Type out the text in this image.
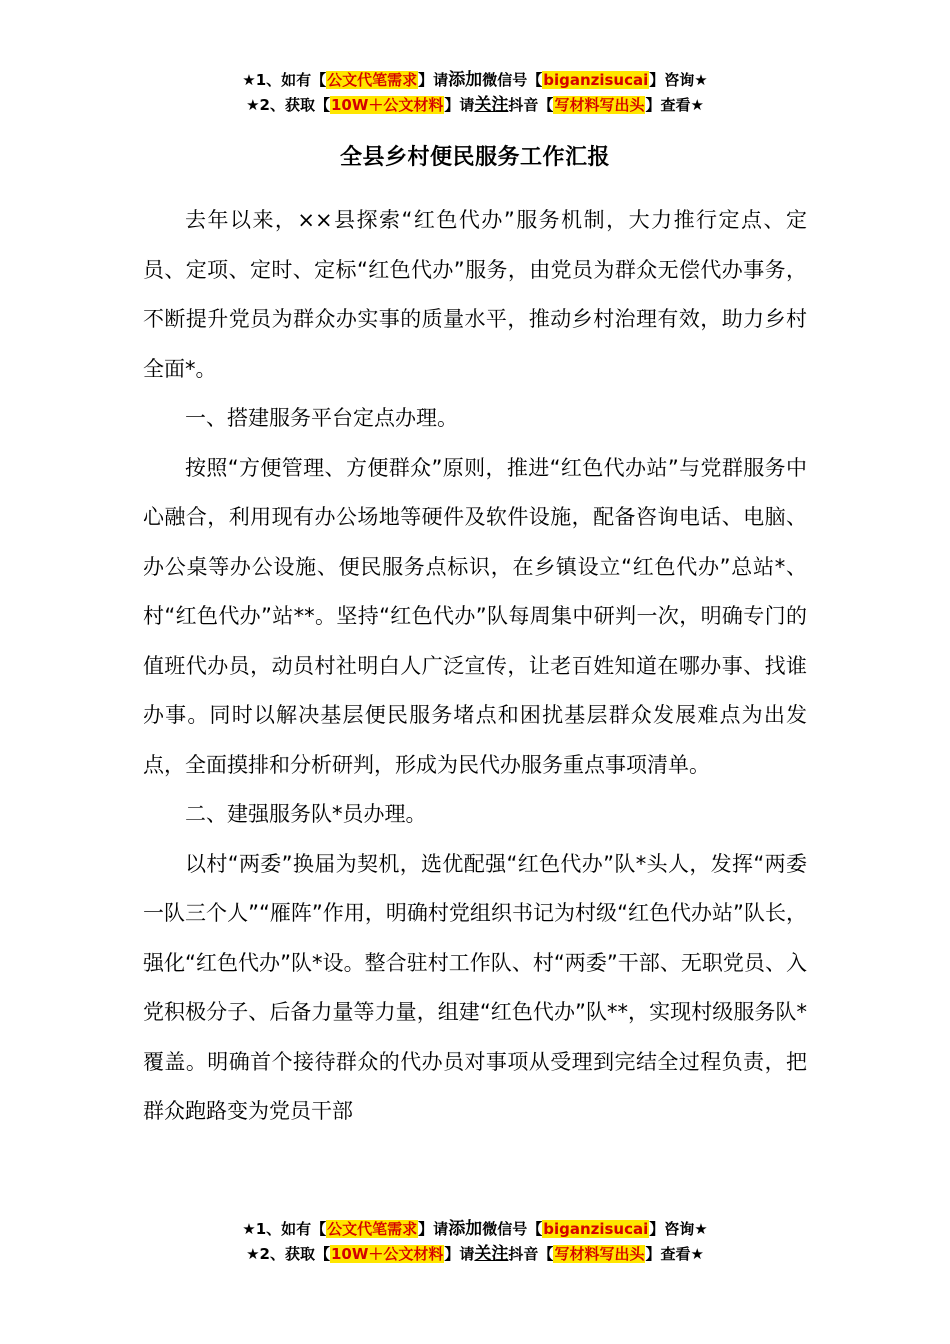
★1、如有【公文代笔需求】请添加微信号【biganzisucai】咨询★
★2、获取【10W＋公文材料】请关注抖音【写材料写出头】查看★
全县乡村便民服务工作汇报

去年以来，××县探索“红色代办”服务机制，大力推行定点、定员、定项、定时、定标“红色代办”服务，由党员为群众无偿代办事务，不断提升党员为群众办实事的质量水平，推动乡村治理有效，助力乡村全面*。

一、搭建服务平台定点办理。

按照“方便管理、方便群众”原则，推进“红色代办站”与党群服务中心融合，利用现有办公场地等硬件及软件设施，配备咨询电话、电脑、办公桌等办公设施、便民服务点标识，在乡镇设立“红色代办”总站*、村“红色代办”站**。坚持“红色代办”队每周集中研判一次，明确专门的值班代办员，动员村社明白人广泛宣传，让老百姓知道在哪办事、找谁办事。同时以解决基层便民服务堵点和困扰基层群众发展难点为出发点，全面摸排和分析研判，形成为民代办服务重点事项清单。

二、建强服务队*员办理。

以村“两委”换届为契机，选优配强“红色代办”队*头人，发挥“两委一队三个人”“雁阵”作用，明确村党组织书记为村级“红色代办站”队长，强化“红色代办”队*设。整合驻村工作队、村“两委”干部、无职党员、入党积极分子、后备力量等力量，组建“红色代办”队**，实现村级服务队*覆盖。明确首个接待群众的代办员对事项从受理到完结全过程负责，把群众跑路变为党员干部

★1、如有【公文代笔需求】请添加微信号【biganzisucai】咨询★
★2、获取【10W＋公文材料】请关注抖音【写材料写出头】查看★
